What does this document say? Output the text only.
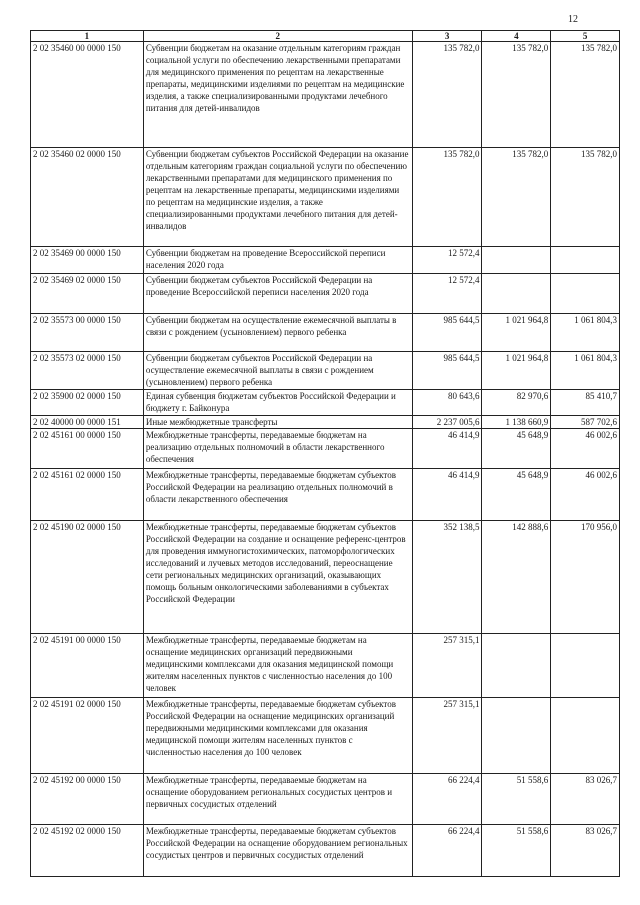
12
1	2	3	4	5
2 02 35460 00 0000 150	Субвенции бюджетам на оказание отдельным категориям граждан социальной услуги по обеспечению лекарственными препаратами для медицинского применения по рецептам на лекарственные препараты, медицинскими изделиями по рецептам на медицинские изделия, а также специализированными продуктами лечебного питания для детей-инвалидов	135 782,0	135 782,0	135 782,0
2 02 35460 02 0000 150	Субвенции бюджетам субъектов Российской Федерации на оказание отдельным категориям граждан социальной услуги по обеспечению лекарственными препаратами для медицинского применения по рецептам на лекарственные препараты, медицинскими изделиями по рецептам на медицинские изделия, а также специализированными продуктами лечебного питания для детей-инвалидов	135 782,0	135 782,0	135 782,0
2 02 35469 00 0000 150	Субвенции бюджетам на проведение Всероссийской переписи населения 2020 года	12 572,4		
2 02 35469 02 0000 150	Субвенции бюджетам субъектов Российской Федерации на проведение Всероссийской переписи населения 2020 года	12 572,4		
2 02 35573 00 0000 150	Субвенции бюджетам на осуществление ежемесячной выплаты в связи с рождением (усыновлением) первого ребенка	985 644,5	1 021 964,8	1 061 804,3
2 02 35573 02 0000 150	Субвенции бюджетам субъектов Российской Федерации на осуществление ежемесячной выплаты в связи с рождением (усыновлением) первого ребенка	985 644,5	1 021 964,8	1 061 804,3
2 02 35900 02 0000 150	Единая субвенция бюджетам субъектов Российской Федерации и бюджету г. Байконура	80 643,6	82 970,6	85 410,7
2 02 40000 00 0000 151	Иные межбюджетные трансферты	2 237 005,6	1 138 660,9	587 702,6
2 02 45161 00 0000 150	Межбюджетные трансферты, передаваемые бюджетам на реализацию отдельных полномочий в области лекарственного обеспечения	46 414,9	45 648,9	46 002,6
2 02 45161 02 0000 150	Межбюджетные трансферты, передаваемые бюджетам субъектов Российской Федерации на реализацию отдельных полномочий в области лекарственного обеспечения	46 414,9	45 648,9	46 002,6
2 02 45190 02 0000 150	Межбюджетные трансферты, передаваемые бюджетам субъектов Российской Федерации на создание и оснащение референс-центров для проведения иммуногистохимических, патоморфологических исследований и лучевых методов исследований, переоснащение сети региональных медицинских организаций, оказывающих помощь больным онкологическими заболеваниями в субъектах Российской Федерации	352 138,5	142 888,6	170 956,0
2 02 45191 00 0000 150	Межбюджетные трансферты, передаваемые бюджетам на оснащение медицинских организаций передвижными медицинскими комплексами для оказания медицинской помощи жителям населенных пунктов с численностью населения до 100 человек	257 315,1		
2 02 45191 02 0000 150	Межбюджетные трансферты, передаваемые бюджетам субъектов Российской Федерации на оснащение медицинских организаций передвижными медицинскими комплексами для оказания медицинской помощи жителям населенных пунктов с численностью населения до 100 человек	257 315,1		
2 02 45192 00 0000 150	Межбюджетные трансферты, передаваемые бюджетам на оснащение оборудованием региональных сосудистых центров и первичных сосудистых отделений	66 224,4	51 558,6	83 026,7
2 02 45192 02 0000 150	Межбюджетные трансферты, передаваемые бюджетам субъектов Российской Федерации на оснащение оборудованием региональных сосудистых центров и первичных сосудистых отделений	66 224,4	51 558,6	83 026,7
